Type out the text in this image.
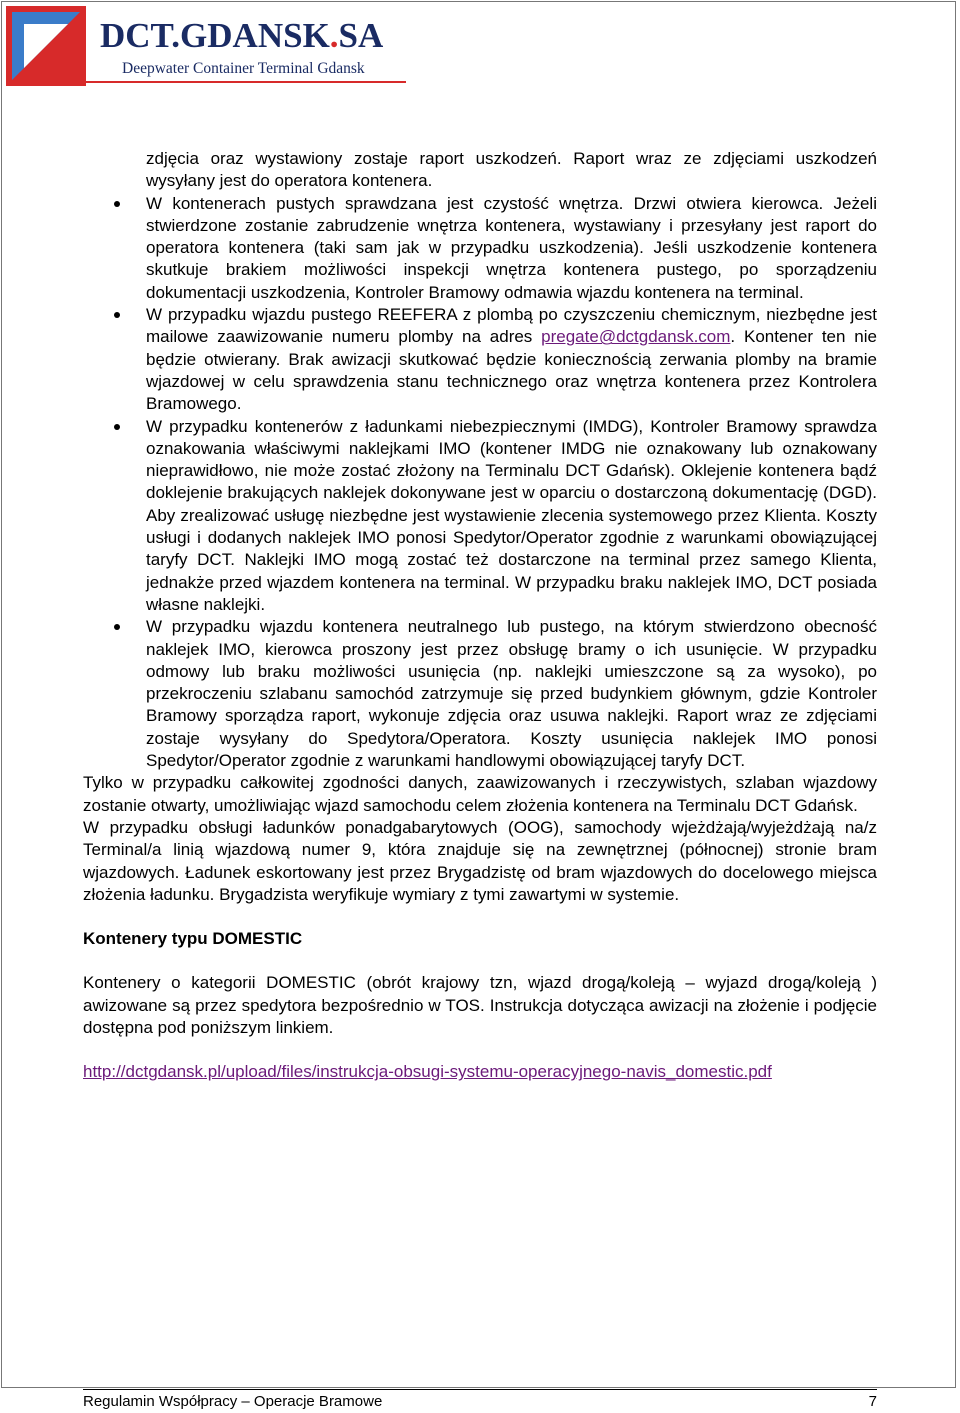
DCT.GDANSK.SA
Deepwater Container Terminal Gdansk
zdjęcia oraz wystawiony zostaje raport uszkodzeń. Raport wraz ze zdjęciami uszkodzeń wysyłany jest do operatora kontenera.
W kontenerach pustych sprawdzana jest czystość wnętrza. Drzwi otwiera kierowca. Jeżeli stwierdzone zostanie zabrudzenie wnętrza kontenera, wystawiany i przesyłany jest raport do operatora kontenera (taki sam jak w przypadku uszkodzenia). Jeśli uszkodzenie kontenera skutkuje brakiem możliwości inspekcji wnętrza kontenera pustego, po sporządzeniu dokumentacji uszkodzenia, Kontroler Bramowy odmawia wjazdu kontenera na terminal.
W przypadku wjazdu pustego REEFERA z plombą po czyszczeniu chemicznym, niezbędne jest mailowe zaawizowanie numeru plomby na adres pregate@dctgdansk.com. Kontener ten nie będzie otwierany. Brak awizacji skutkować będzie koniecznością zerwania plomby na bramie wjazdowej w celu sprawdzenia stanu technicznego oraz wnętrza kontenera przez Kontrolera Bramowego.
W przypadku kontenerów z ładunkami niebezpiecznymi (IMDG), Kontroler Bramowy sprawdza oznakowania właściwymi naklejkami IMO (kontener IMDG nie oznakowany lub oznakowany nieprawidłowo, nie może zostać złożony na Terminalu DCT Gdańsk). Oklejenie kontenera bądź doklejenie brakujących naklejek dokonywane jest w oparciu o dostarczoną dokumentację (DGD). Aby zrealizować usługę niezbędne jest wystawienie zlecenia systemowego przez Klienta. Koszty usługi i dodanych naklejek IMO ponosi Spedytor/Operator zgodnie z warunkami obowiązującej taryfy DCT. Naklejki IMO mogą zostać też dostarczone na terminal przez samego Klienta, jednakże przed wjazdem kontenera na terminal. W przypadku braku naklejek IMO, DCT posiada własne naklejki.
W przypadku wjazdu kontenera neutralnego lub pustego, na którym stwierdzono obecność naklejek IMO, kierowca proszony jest przez obsługę bramy o ich usunięcie. W przypadku odmowy lub braku możliwości usunięcia (np. naklejki umieszczone są za wysoko), po przekroczeniu szlabanu samochód zatrzymuje się przed budynkiem głównym, gdzie Kontroler Bramowy sporządza raport, wykonuje zdjęcia oraz usuwa naklejki. Raport wraz ze zdjęciami zostaje wysyłany do Spedytora/Operatora. Koszty usunięcia naklejek IMO ponosi Spedytor/Operator zgodnie z warunkami handlowymi obowiązującej taryfy DCT.
Tylko w przypadku całkowitej zgodności danych, zaawizowanych i rzeczywistych, szlaban wjazdowy zostanie otwarty, umożliwiając wjazd samochodu celem złożenia kontenera na Terminalu DCT Gdańsk.
W przypadku obsługi ładunków ponadgabarytowych (OOG), samochody wjeżdżają/wyjeżdżają na/z Terminal/a linią wjazdową numer 9, która znajduje się na zewnętrznej (północnej) stronie bram wjazdowych. Ładunek eskortowany jest przez Brygadzistę od bram wjazdowych do docelowego miejsca złożenia ładunku. Brygadzista weryfikuje wymiary z tymi zawartymi w systemie.
Kontenery typu DOMESTIC
Kontenery o kategorii DOMESTIC (obrót krajowy tzn, wjazd drogą/koleją – wyjazd drogą/koleją ) awizowane są przez spedytora bezpośrednio w TOS. Instrukcja dotycząca awizacji na złożenie i podjęcie dostępna pod poniższym linkiem.
http://dctgdansk.pl/upload/files/instrukcja-obsugi-systemu-operacyjnego-navis_domestic.pdf
Regulamin Współpracy – Operacje Bramowe	7
